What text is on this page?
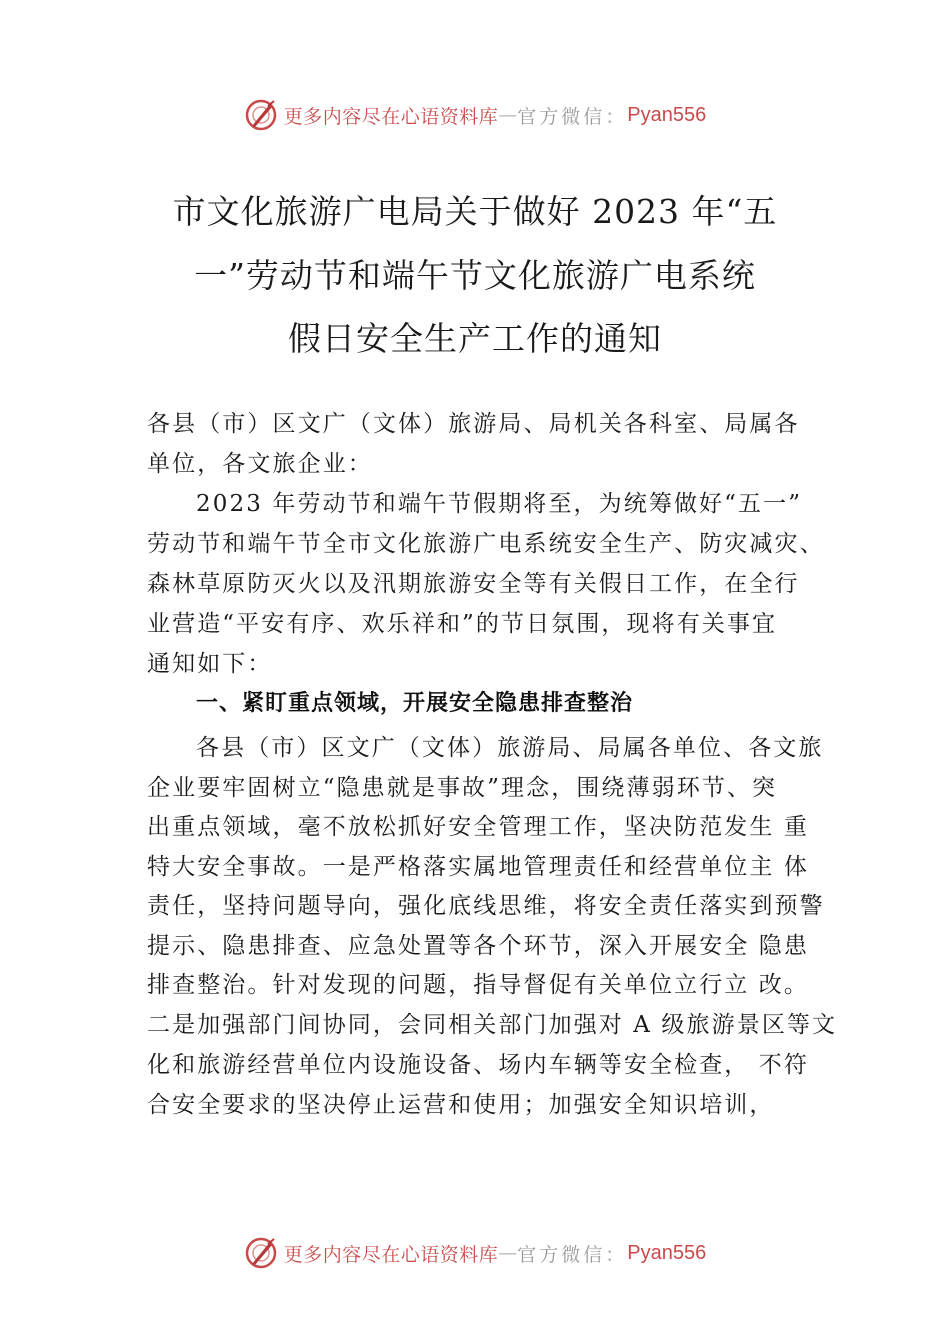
更多内容尽在心语资料库 — 官方微信： Pyan556
市文化旅游广电局关于做好 2023 年“五
一”劳动节和端午节文化旅游广电系统
假日安全生产工作的通知
各县（市）区文广（文体）旅游局、局机关各科室、局属各
单位，各文旅企业：
2023 年劳动节和端午节假期将至，为统筹做好“五一”
劳动节和端午节全市文化旅游广电系统安全生产、防灾减灾、
森林草原防灭火以及汛期旅游安全等有关假日工作，在全行
业营造“平安有序、欢乐祥和”的节日氛围，现将有关事宜
通知如下：
一、紧盯重点领域，开展安全隐患排查整治
各县（市）区文广（文体）旅游局、局属各单位、各文旅
企业要牢固树立“隐患就是事故”理念，围绕薄弱环节、突
出重点领域，毫不放松抓好安全管理工作，坚决防范发生 重
特大安全事故。一是严格落实属地管理责任和经营单位主 体
责任，坚持问题导向，强化底线思维，将安全责任落实到预警
提示、隐患排查、应急处置等各个环节，深入开展安全 隐患
排查整治。针对发现的问题，指导督促有关单位立行立 改。
二是加强部门间协同，会同相关部门加强对 A 级旅游景区等文
化和旅游经营单位内设施设备、场内车辆等安全检查， 不符
合安全要求的坚决停止运营和使用；加强安全知识培训，
更多内容尽在心语资料库 — 官方微信： Pyan556
